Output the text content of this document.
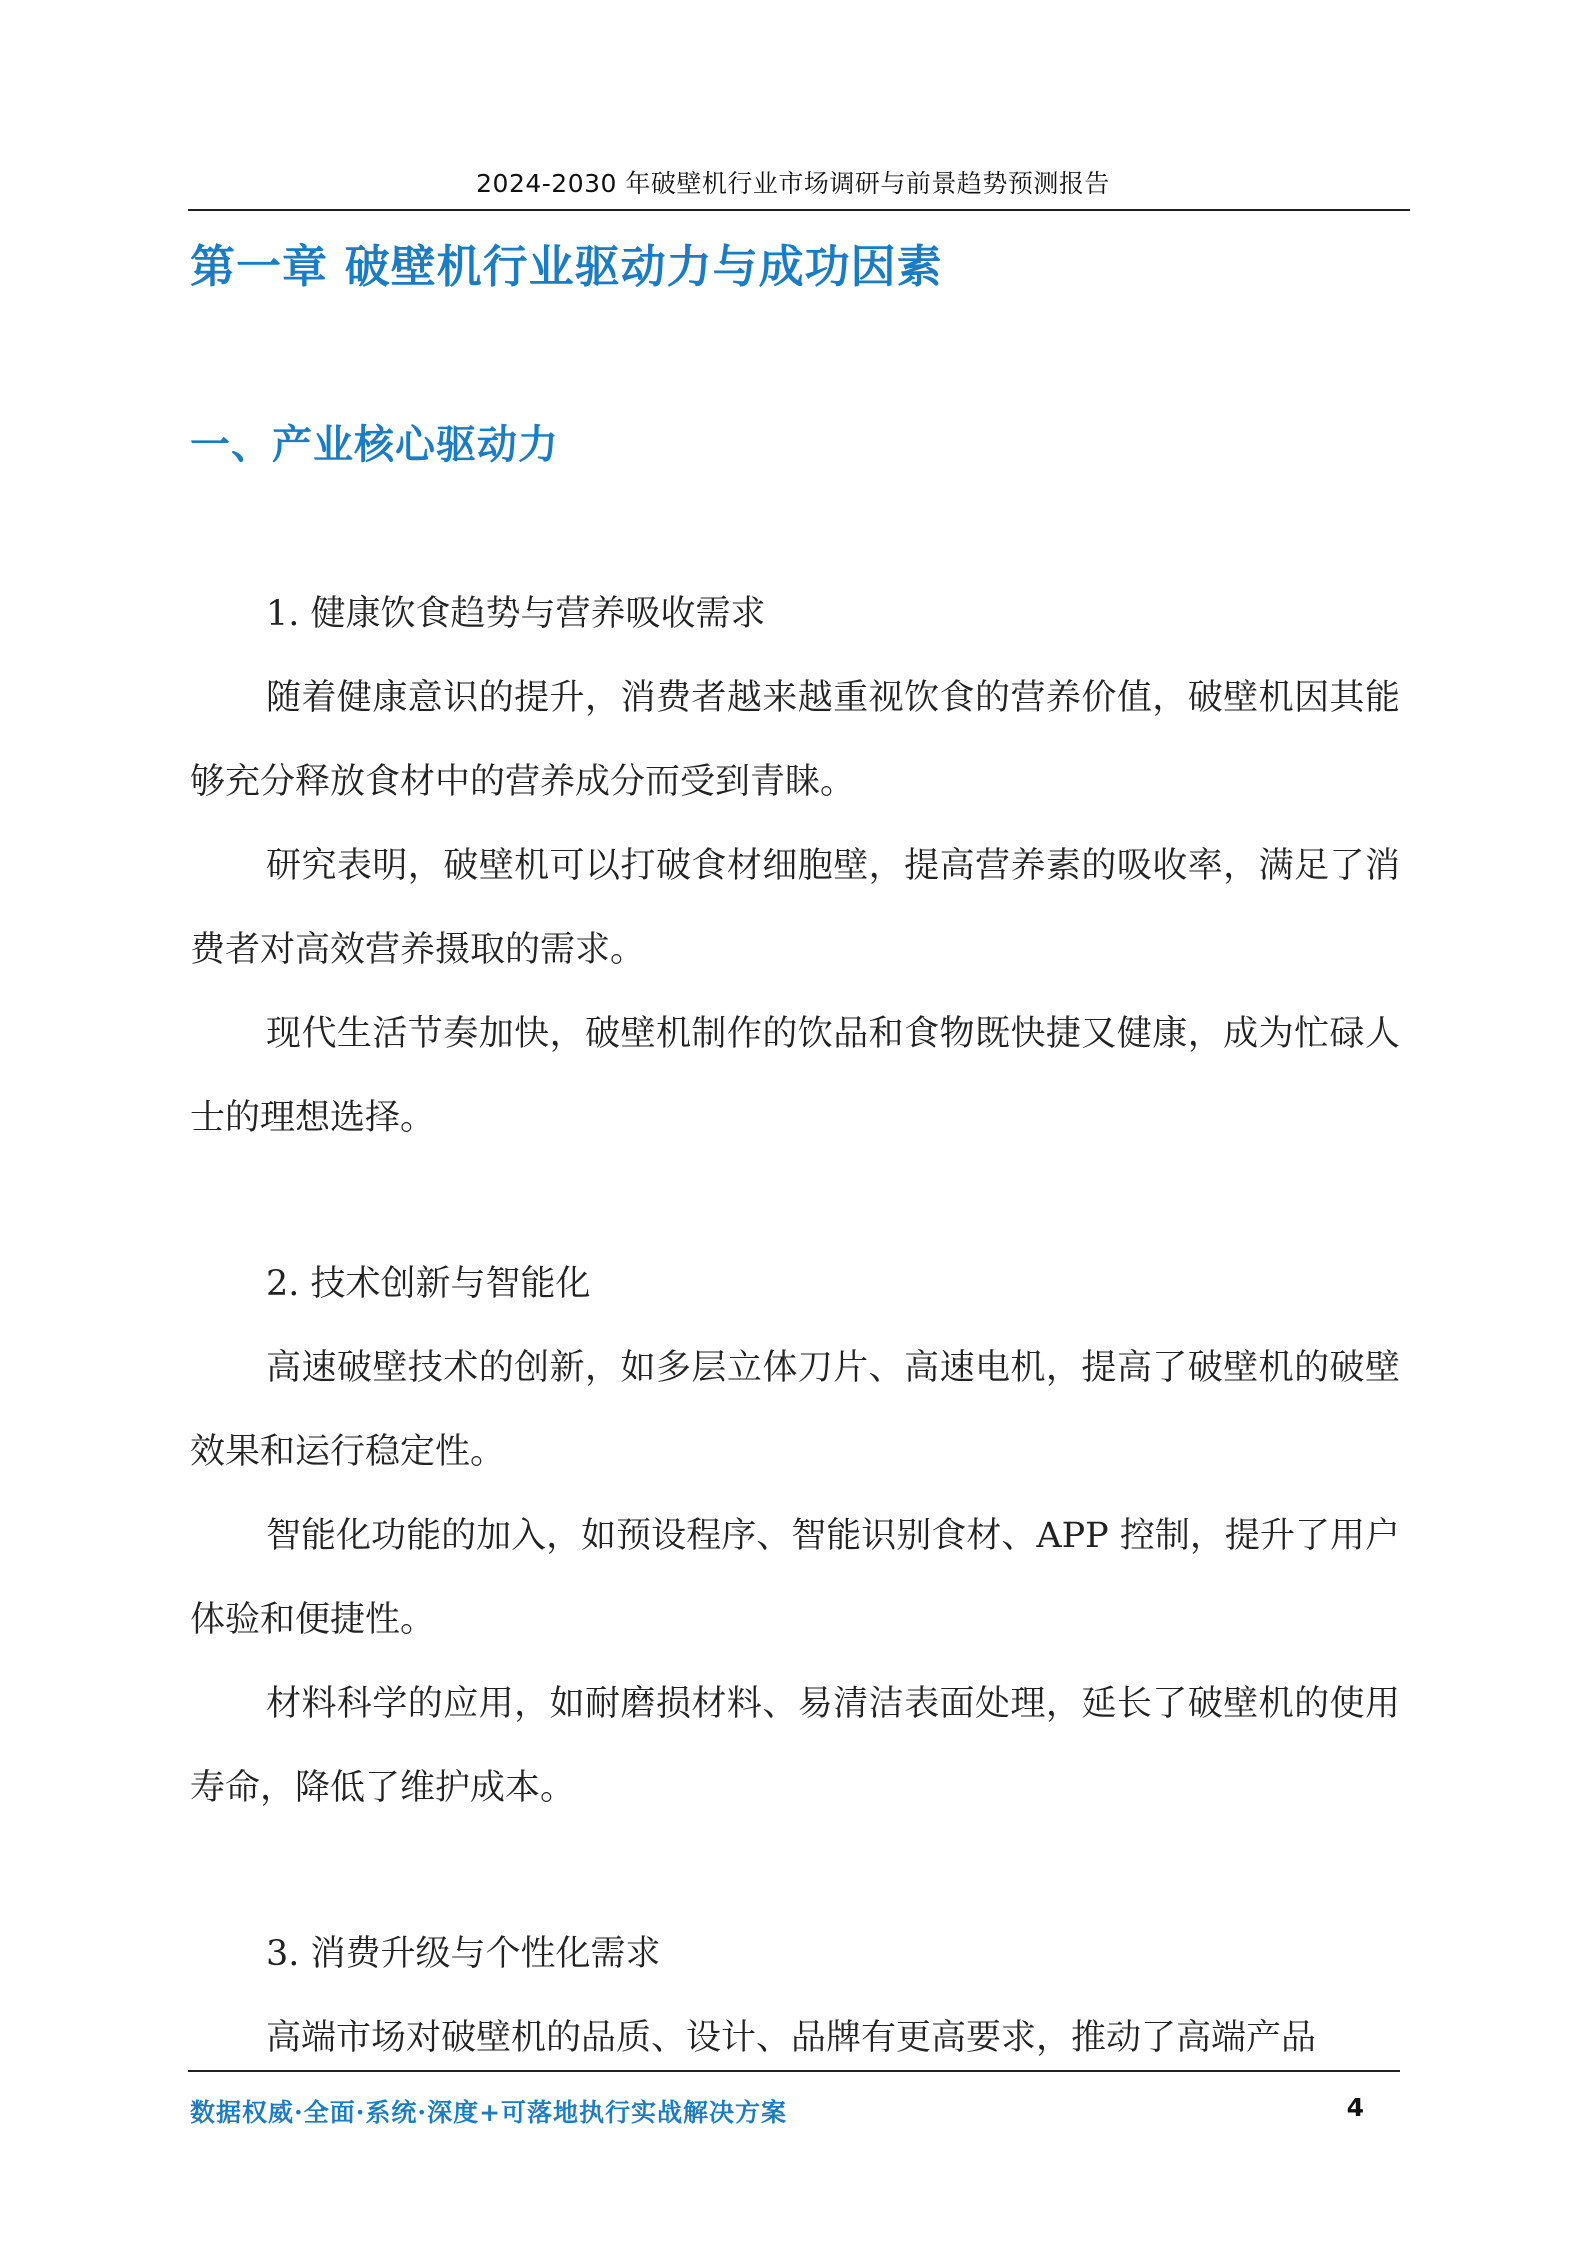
2024-2030 年破壁机行业市场调研与前景趋势预测报告
第一章 破壁机行业驱动力与成功因素
一、产业核心驱动力
1. 健康饮食趋势与营养吸收需求

随着健康意识的提升，消费者越来越重视饮食的营养价值，破壁机因其能够充分释放食材中的营养成分而受到青睐。

研究表明，破壁机可以打破食材细胞壁，提高营养素的吸收率，满足了消费者对高效营养摄取的需求。

现代生活节奏加快，破壁机制作的饮品和食物既快捷又健康，成为忙碌人士的理想选择。

2. 技术创新与智能化

高速破壁技术的创新，如多层立体刀片、高速电机，提高了破壁机的破壁效果和运行稳定性。

智能化功能的加入，如预设程序、智能识别食材、APP 控制，提升了用户体验和便捷性。

材料科学的应用，如耐磨损材料、易清洁表面处理，延长了破壁机的使用寿命，降低了维护成本。

3. 消费升级与个性化需求

高端市场对破壁机的品质、设计、品牌有更高要求，推动了高端产品

数据权威·全面·系统·深度+可落地执行实战解决方案	4
